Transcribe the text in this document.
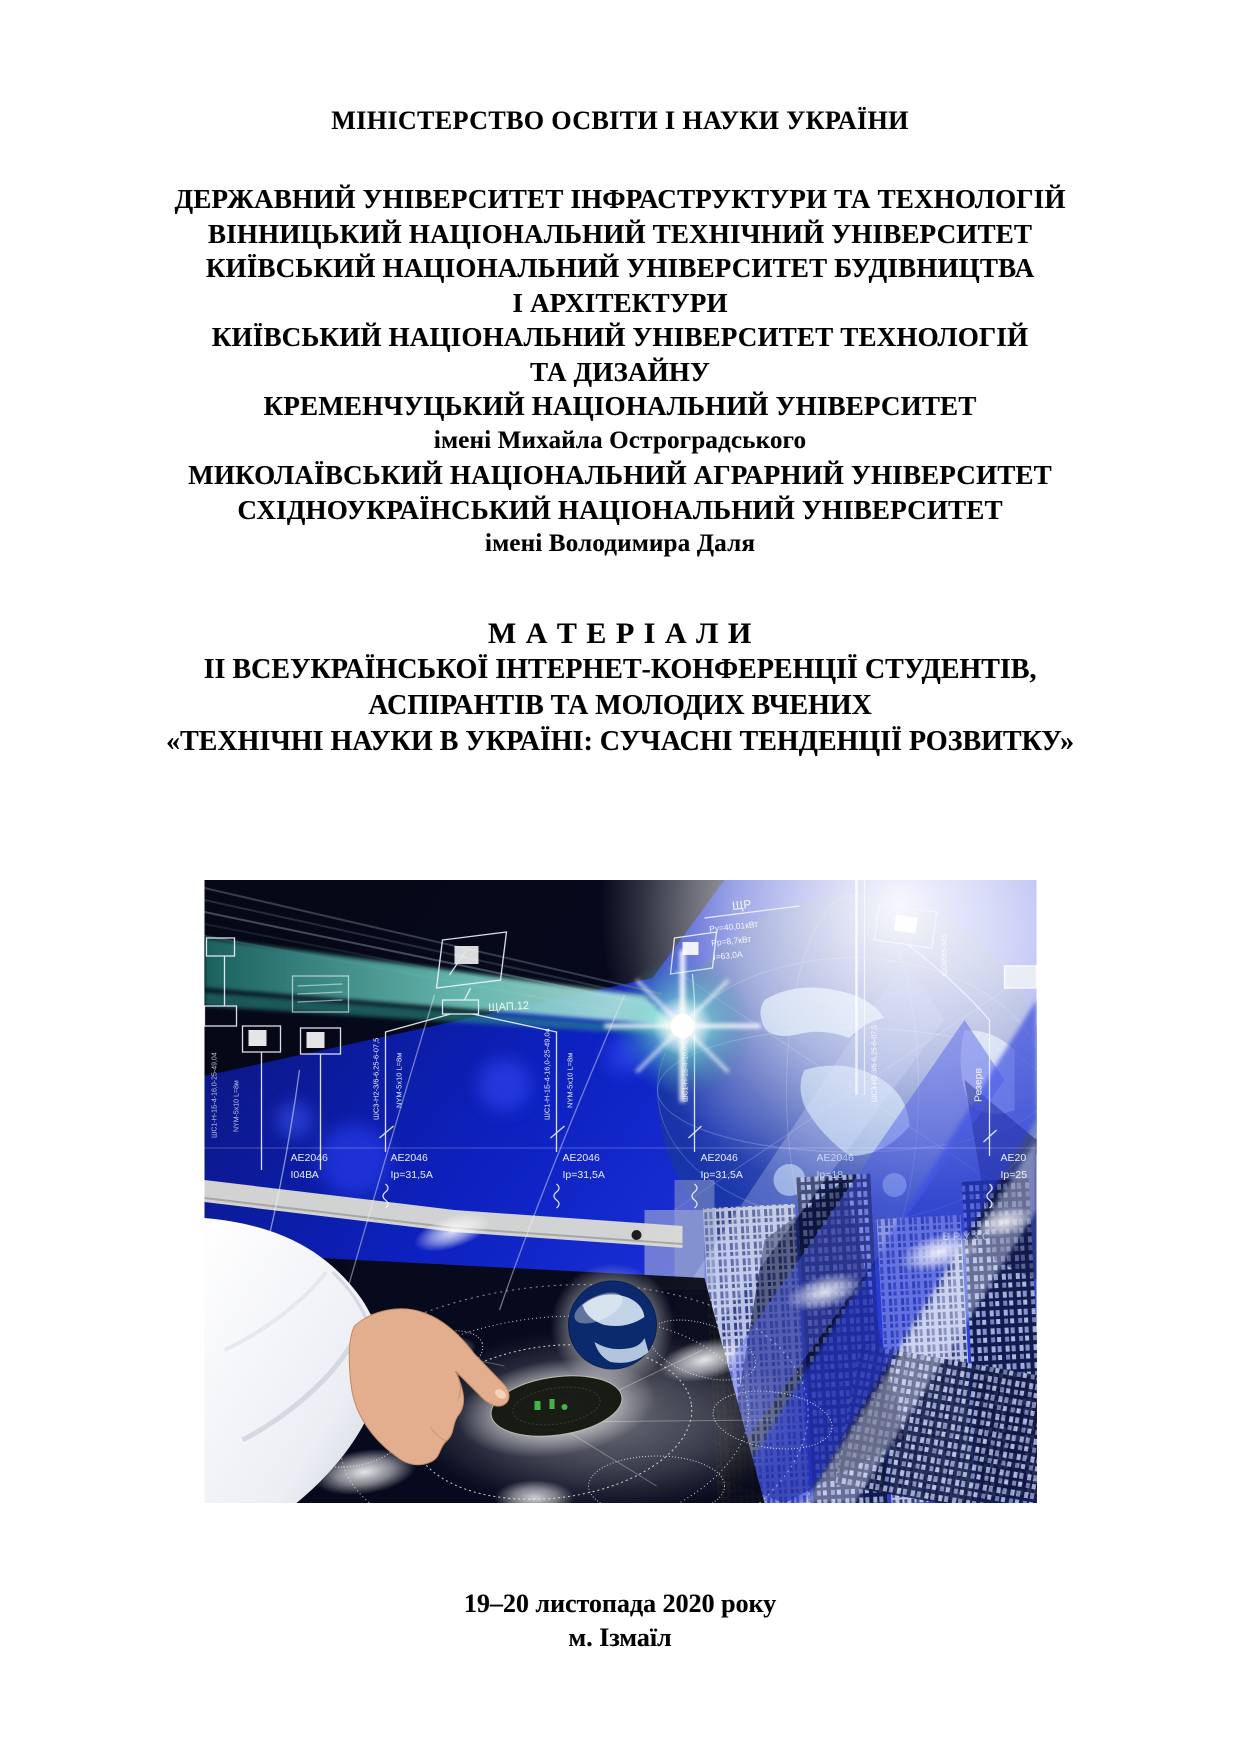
МІНІСТЕРСТВО ОСВІТИ І НАУКИ УКРАЇНИ
ДЕРЖАВНИЙ УНІВЕРСИТЕТ ІНФРАСТРУКТУРИ ТА ТЕХНОЛОГІЙ
ВІННИЦЬКИЙ НАЦІОНАЛЬНИЙ ТЕХНІЧНИЙ УНІВЕРСИТЕТ
КИЇВСЬКИЙ НАЦІОНАЛЬНИЙ УНІВЕРСИТЕТ БУДІВНИЦТВА
І АРХІТЕКТУРИ
КИЇВСЬКИЙ НАЦІОНАЛЬНИЙ УНІВЕРСИТЕТ ТЕХНОЛОГІЙ
ТА ДИЗАЙНУ
КРЕМЕНЧУЦЬКИЙ НАЦІОНАЛЬНИЙ УНІВЕРСИТЕТ
імені Михайла Остроградського
МИКОЛАЇВСЬКИЙ НАЦІОНАЛЬНИЙ АГРАРНИЙ УНІВЕРСИТЕТ
СХІДНОУКРАЇНСЬКИЙ НАЦІОНАЛЬНИЙ УНІВЕРСИТЕТ
імені Володимира Даля
М А Т Е Р І А Л И
ІІ ВСЕУКРАЇНСЬКОЇ ІНТЕРНЕТ-КОНФЕРЕНЦІЇ СТУДЕНТІВ,
АСПІРАНТІВ ТА МОЛОДИХ ВЧЕНИХ
«ТЕХНІЧНІ НАУКИ В УКРАЇНІ: СУЧАСНІ ТЕНДЕНЦІЇ РОЗВИТКУ»
ЩАП.12
ЩР
Ру=40,01кВт
Рр=8,7кВт
І=63,0А
ШС3-Н2-3/6-6,25-6-07,5 NYM-5x10 L=8м	ШС1-Н-1Б-4-16,0-25-49,04 NYM-5x10 L=8м	ШС3-Н2-3/6-6,25-6-07,5
ШС1-Н-1Б-4-16,0-25-49,04 NYM-5x10 L=8м	Резерв
ЩО8565-945
АЕ2046
І04ВА
АЕ2046
Ip=31,5А
АЕ2046
Ip=31,5А
АЕ2046
Ip=31,5А
АЕ2046
Ip=18
АЕ20
Ip=25
19–20 листопада 2020 року
м. Ізмаїл
